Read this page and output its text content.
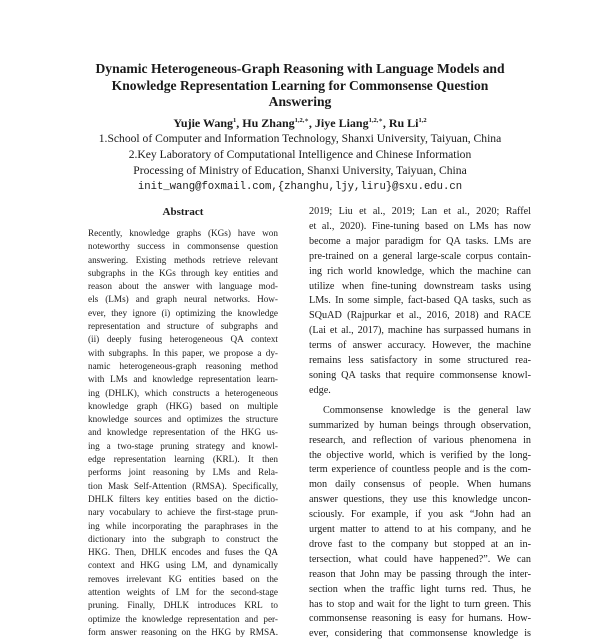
Dynamic Heterogeneous-Graph Reasoning with Language Models and
Knowledge Representation Learning for Commonsense Question
Answering
Yujie Wang$^1$, Hu Zhang$^{1,2,∗}$, Jiye Liang$^{1,2,∗}$, Ru Li$^{1,2}$
1.School of Computer and Information Technology, Shanxi University, Taiyuan, China
2.Key Laboratory of Computational Intelligence and Chinese Information
Processing of Ministry of Education, Shanxi University, Taiyuan, China
init_wang@foxmail.com,{zhanghu,ljy,liru}@sxu.edu.cn
Abstract
Recently, knowledge graphs (KGs) have won
noteworthy success in commonsense question
answering. Existing methods retrieve relevant
subgraphs in the KGs through key entities and
reason about the answer with language mod-
els (LMs) and graph neural networks. How-
ever, they ignore (i) optimizing the knowledge
representation and structure of subgraphs and
(ii) deeply fusing heterogeneous QA context
with subgraphs. In this paper, we propose a dy-
namic heterogeneous-graph reasoning method
with LMs and knowledge representation learn-
ing (DHLK), which constructs a heterogeneous
knowledge graph (HKG) based on multiple
knowledge sources and optimizes the structure
and knowledge representation of the HKG us-
ing a two-stage pruning strategy and knowl-
edge representation learning (KRL). It then
performs joint reasoning by LMs and Rela-
tion Mask Self-Attention (RMSA). Specifically,
DHLK filters key entities based on the dictio-
nary vocabulary to achieve the first-stage prun-
ing while incorporating the paraphrases in the
dictionary into the subgraph to construct the
HKG. Then, DHLK encodes and fuses the QA
context and HKG using LM, and dynamically
removes irrelevant KG entities based on the
attention weights of LM for the second-stage
pruning. Finally, DHLK introduces KRL to
optimize the knowledge representation and per-
form answer reasoning on the HKG by RMSA.
2019; Liu et al., 2019; Lan et al., 2020; Raffel
et al., 2020). Fine-tuning based on LMs has now
become a major paradigm for QA tasks. LMs are
pre-trained on a general large-scale corpus contain-
ing rich world knowledge, which the machine can
utilize when fine-tuning downstream tasks using
LMs. In some simple, fact-based QA tasks, such as
SQuAD (Rajpurkar et al., 2016, 2018) and RACE
(Lai et al., 2017), machine has surpassed humans in
terms of answer accuracy. However, the machine
remains less satisfactory in some structured rea-
soning QA tasks that require commonsense knowl-
edge.
Commonsense knowledge is the general law
summarized by human beings through observation,
research, and reflection of various phenomena in
the objective world, which is verified by the long-
term experience of countless people and is the com-
mon daily consensus of people. When humans
answer questions, they use this knowledge uncon-
sciously. For example, if you ask “John had an
urgent matter to attend to at his company, and he
drove fast to the company but stopped at an in-
tersection, what could have happened?”. We can
reason that John may be passing through the inter-
section when the traffic light turns red. Thus, he
has to stop and wait for the light to turn green. This
commonsense reasoning is easy for humans. How-
ever, considering that commonsense knowledge is
